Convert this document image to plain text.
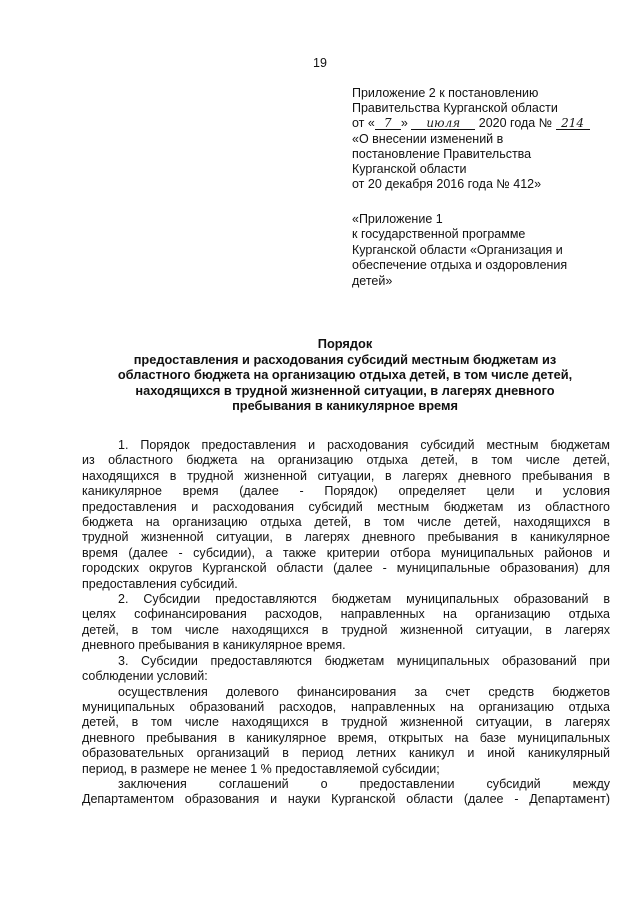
19
Приложение 2 к постановлению
Правительства Курганской области
от « 7 » июля 2020 года № 214
«О внесении изменений в
постановление Правительства
Курганской области
от 20 декабря 2016 года № 412»
«Приложение 1
к государственной программе
Курганской области «Организация и
обеспечение отдыха и оздоровления
детей»
Порядок
предоставления и расходования субсидий местным бюджетам из
областного бюджета на организацию отдыха детей, в том числе детей,
находящихся в трудной жизненной ситуации, в лагерях дневного
пребывания в каникулярное время
1. Порядок предоставления и расходования субсидий местным бюджетам
из областного бюджета на организацию отдыха детей, в том числе детей,
находящихся в трудной жизненной ситуации, в лагерях дневного пребывания в
каникулярное время (далее - Порядок) определяет цели и условия
предоставления и расходования субсидий местным бюджетам из областного
бюджета на организацию отдыха детей, в том числе детей, находящихся в
трудной жизненной ситуации, в лагерях дневного пребывания в каникулярное
время (далее - субсидии), а также критерии отбора муниципальных районов и
городских округов Курганской области (далее - муниципальные образования) для
предоставления субсидий.
2. Субсидии предоставляются бюджетам муниципальных образований в
целях софинансирования расходов, направленных на организацию отдыха
детей, в том числе находящихся в трудной жизненной ситуации, в лагерях
дневного пребывания в каникулярное время.
3. Субсидии предоставляются бюджетам муниципальных образований при
соблюдении условий:
осуществления долевого финансирования за счет средств бюджетов
муниципальных образований расходов, направленных на организацию отдыха
детей, в том числе находящихся в трудной жизненной ситуации, в лагерях
дневного пребывания в каникулярное время, открытых на базе муниципальных
образовательных организаций в период летних каникул и иной каникулярный
период, в размере не менее 1 % предоставляемой субсидии;
заключения соглашений о предоставлении субсидий между
Департаментом образования и науки Курганской области (далее - Департамент)
